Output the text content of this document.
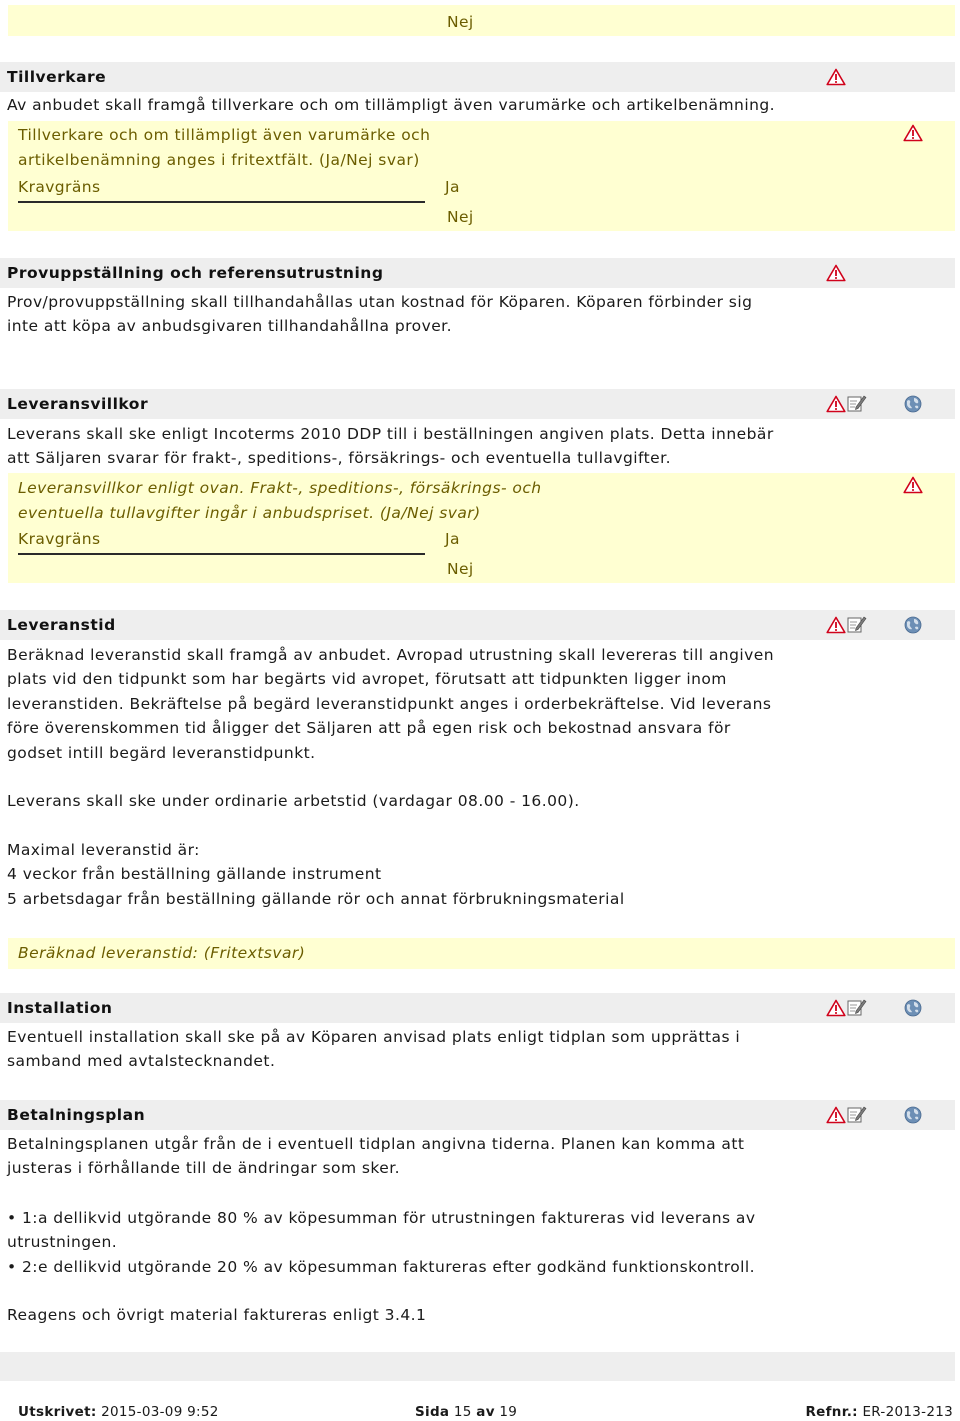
Nej
Tillverkare
Av anbudet skall framgå tillverkare och om tillämpligt även varumärke och artikelbenämning.
Tillverkare och om tillämpligt även varumärke och
artikelbenämning anges i fritextfält. (Ja/Nej svar)
Kravgräns	Ja
Nej
Provuppställning och referensutrustning
Prov/provuppställning skall tillhandahållas utan kostnad för Köparen. Köparen förbinder sig
inte att köpa av anbudsgivaren tillhandahållna prover.
Leveransvillkor
Leverans skall ske enligt Incoterms 2010 DDP till i beställningen angiven plats. Detta innebär
att Säljaren svarar för frakt-, speditions-, försäkrings- och eventuella tullavgifter.
Leveransvillkor enligt ovan. Frakt-, speditions-, försäkrings- och
eventuella tullavgifter ingår i anbudspriset. (Ja/Nej svar)
Kravgräns	Ja
Nej
Leveranstid
Beräknad leveranstid skall framgå av anbudet. Avropad utrustning skall levereras till angiven
plats vid den tidpunkt som har begärts vid avropet, förutsatt att tidpunkten ligger inom
leveranstiden. Bekräftelse på begärd leveranstidpunkt anges i orderbekräftelse. Vid leverans
före överenskommen tid åligger det Säljaren att på egen risk och bekostnad ansvara för
godset intill begärd leveranstidpunkt.
Leverans skall ske under ordinarie arbetstid (vardagar 08.00 - 16.00).
Maximal leveranstid är:
4 veckor från beställning gällande instrument
5 arbetsdagar från beställning gällande rör och annat förbrukningsmaterial
Beräknad leveranstid: (Fritextsvar)
Installation
Eventuell installation skall ske på av Köparen anvisad plats enligt tidplan som upprättas i
samband med avtalstecknandet.
Betalningsplan
Betalningsplanen utgår från de i eventuell tidplan angivna tiderna. Planen kan komma att
justeras i förhållande till de ändringar som sker.
• 1:a dellikvid utgörande 80 % av köpesumman för utrustningen faktureras vid leverans av
utrustningen.
• 2:e dellikvid utgörande 20 % av köpesumman faktureras efter godkänd funktionskontroll.
Reagens och övrigt material faktureras enligt 3.4.1
Utskrivet: 2015-03-09 9:52	Sida 15 av 19	Refnr.: ER-2013-213
